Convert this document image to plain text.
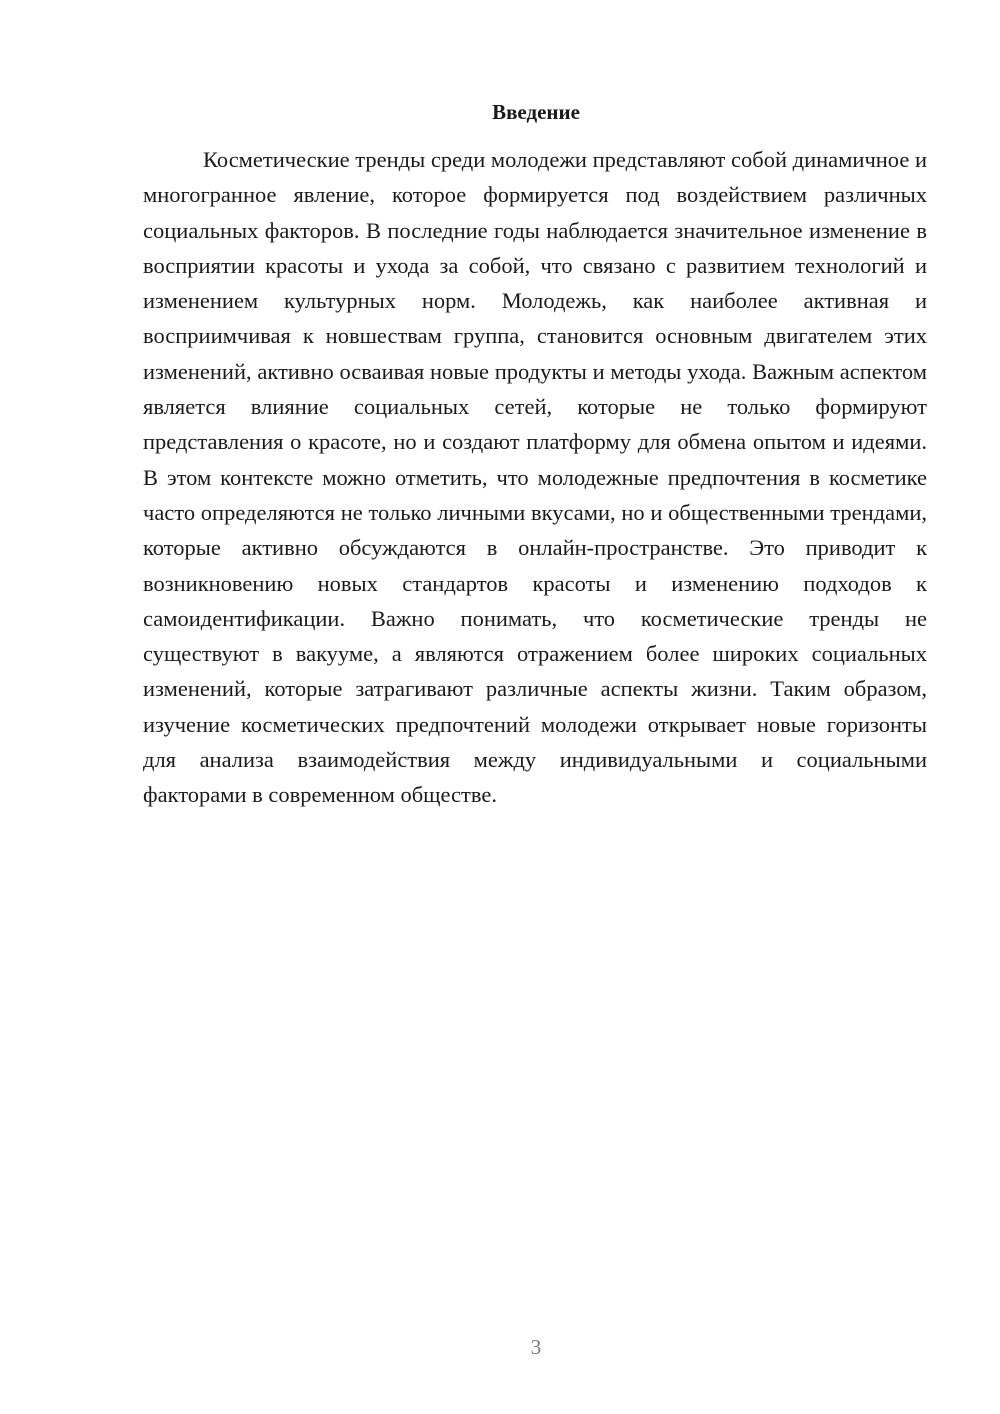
Введение

Косметические тренды среди молодежи представляют собой динамичное и многогранное явление, которое формируется под воздействием различных социальных факторов. В последние годы наблюдается значительное изменение в восприятии красоты и ухода за собой, что связано с развитием технологий и изменением культурных норм. Молодежь, как наиболее активная и восприимчивая к новшествам группа, становится основным двигателем этих изменений, активно осваивая новые продукты и методы ухода. Важным аспектом является влияние социальных сетей, которые не только формируют представления о красоте, но и создают платформу для обмена опытом и идеями. В этом контексте можно отметить, что молодежные предпочтения в косметике часто определяются не только личными вкусами, но и общественными трендами, которые активно обсуждаются в онлайн-пространстве. Это приводит к возникновению новых стандартов красоты и изменению подходов к самоидентификации. Важно понимать, что косметические тренды не существуют в вакууме, а являются отражением более широких социальных изменений, которые затрагивают различные аспекты жизни. Таким образом, изучение косметических предпочтений молодежи открывает новые горизонты для анализа взаимодействия между индивидуальными и социальными факторами в современном обществе.

3
